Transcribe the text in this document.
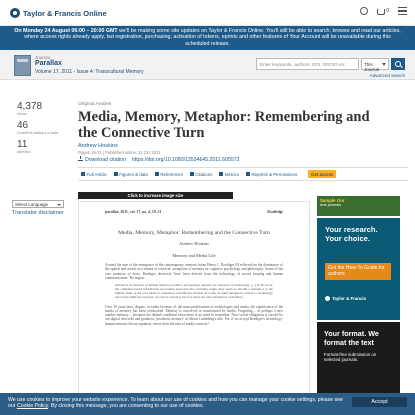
Taylor & Francis Online	0
On Monday 24 August 06:00 – 20:00 GMT we'll be making some site updates on Taylor & Francis Online. You'll still be able to search, browse and read our articles, where access rights already apply, but registration, purchasing, activation of tokens, eprints and other features of Your Account will be unavailable during this scheduled release.
Journal
Parallax
Volume 17, 2011 - Issue 4: Transcultural Memory
Enter keywords, authors, DOI, ORCID etc	This Journal
Advanced search
4,378
Views
46
CrossRef citations to date
11
Altmetric
Original Articles
Media, Memory, Metaphor: Remembering and the Connective Turn
Andrew Hoskins
Pages 19-31 | Published online: 11 Oct 2011
Download citation https://doi.org/10.1080/13534645.2011.605573
Full Article	Figures & data	References	Citations	Metrics	Reprints & Permissions	Get access
Select Language
Translator disclaimer
Click to increase image size
parallax, 2011, vol. 17, no. 4, 19–31	Routledge
Media, Memory, Metaphor: Remembering and the Connective Turn
Andrew Hoskins
Memory and Media Life
Around the turn of the emergence of the contemporary memory boom Henry L. Roediger III reflected on the dominance of the spatial and search as a means of retrieval; metaphors of memory in cognitive psychology and philosophy. Some of the core premises of these, Roediger observed: 'have been derived from the technology of record keeping and human communication.' He argues:
Advances in theories of human memory parallel, and perhaps depend on, advances in technology [...] In 30 years, the computer-based information processing approach that currently reigns may seem as invalid a metaphor to the human mind as the wax-tablet or telephone-switchboard models do today. If other metaphors related to technology have been similarly rejected, we can be certain it has not, there are later metaphors of memory.
Over 30 years later, despite, or rather because of, the mass proliferation of technologies and media, the significance of the media of memory has been overlooked. Memory is conceived or transformed by media. Forgetting – or perhaps a new zombie memory – becomes the default condition when there is no need to remember. Now social obligation is carried by our digital networks and grandeur, 'prosthetic memory' in Alison Landsberg's title. Yet, if we accept Roediger's technology-human memory theory equation, where does the idea of media come in?
Sample Our
Arts journals
Your research. Your choice.
Get the How-To Guide for authors
Taylor & Francis
Your format. We format the text
Format-free submission on selected journals.
We use cookies to improve your website experience. To learn about our use of cookies and how you can manage your cookie settings, please see our Cookie Policy. By closing this message, you are consenting to our use of cookies.
Accept
